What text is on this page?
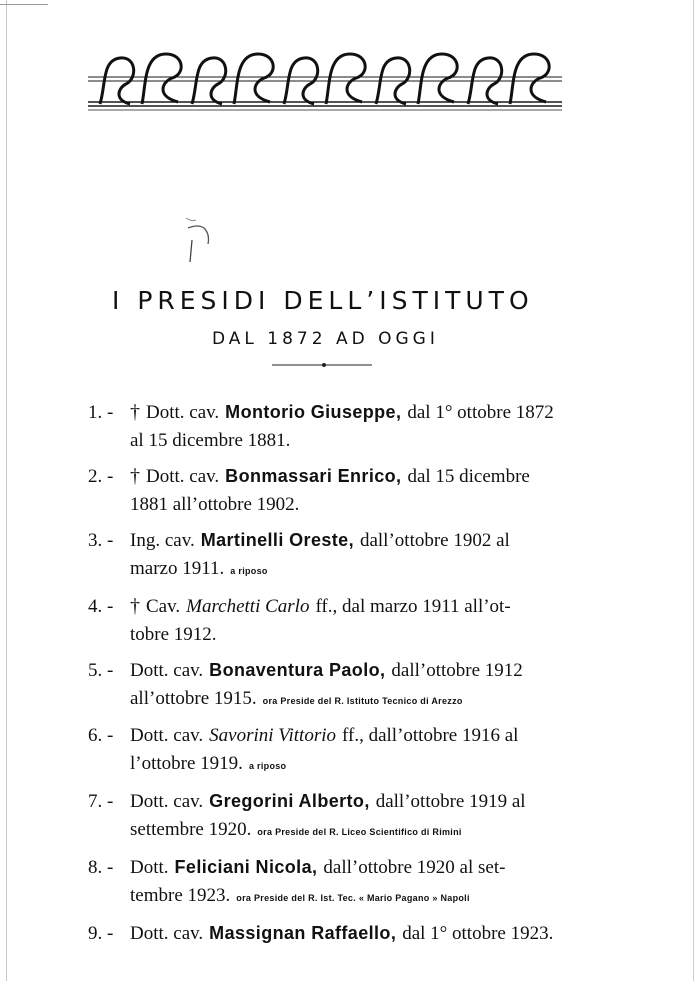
I PRESIDI DELL’ISTITUTO
DAL 1872 AD OGGI
1. - † Dott. cav. Montorio Giuseppe, dal 1° ottobre 1872
al 15 dicembre 1881.
2. - † Dott. cav. Bonmassari Enrico, dal 15 dicembre
1881 all’ottobre 1902.
3. - Ing. cav. Martinelli Oreste, dall’ottobre 1902 al
marzo 1911. a riposo
4. - † Cav. Marchetti Carlo ff., dal marzo 1911 all’ot-
tobre 1912.
5. - Dott. cav. Bonaventura Paolo, dall’ottobre 1912
all’ottobre 1915. ora Preside del R. Istituto Tecnico di Arezzo
6. - Dott. cav. Savorini Vittorio ff., dall’ottobre 1916 al
l’ottobre 1919. a riposo
7. - Dott. cav. Gregorini Alberto, dall’ottobre 1919 al
settembre 1920. ora Preside del R. Liceo Scientifico di Rimini
8. - Dott. Feliciani Nicola, dall’ottobre 1920 al set-
tembre 1923. ora Preside del R. Ist. Tec. « Mario Pagano » Napoli
9. - Dott. cav. Massignan Raffaello, dal 1° ottobre 1923.
